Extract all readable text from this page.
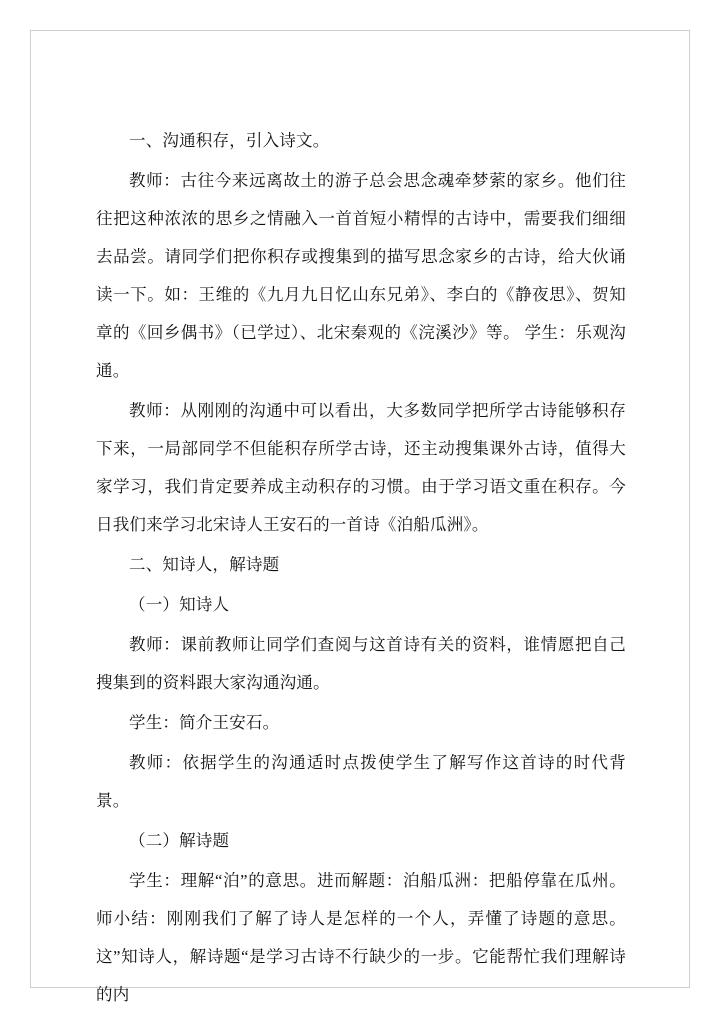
一、沟通积存，引入诗文。

教师：古往今来远离故土的游子总会思念魂牵梦萦的家乡。他们往往把这种浓浓的思乡之情融入一首首短小精悍的古诗中，需要我们细细去品尝。请同学们把你积存或搜集到的描写思念家乡的古诗，给大伙诵读一下。如：王维的《九月九日忆山东兄弟》、李白的《静夜思》、贺知章的《回乡偶书》（已学过）、北宋秦观的《浣溪沙》等。 学生：乐观沟通。

教师：从刚刚的沟通中可以看出，大多数同学把所学古诗能够积存下来，一局部同学不但能积存所学古诗，还主动搜集课外古诗，值得大家学习，我们肯定要养成主动积存的习惯。由于学习语文重在积存。今日我们来学习北宋诗人王安石的一首诗《泊船瓜洲》。

二、知诗人，解诗题

（一）知诗人

教师：课前教师让同学们查阅与这首诗有关的资料，谁情愿把自己搜集到的资料跟大家沟通沟通。

学生：简介王安石。

教师：依据学生的沟通适时点拨使学生了解写作这首诗的时代背景。

（二）解诗题

学生：理解“泊”的意思。进而解题：泊船瓜洲：把船停靠在瓜州。师小结：刚刚我们了解了诗人是怎样的一个人，弄懂了诗题的意思。这”知诗人，解诗题“是学习古诗不行缺少的一步。它能帮忙我们理解诗的内
